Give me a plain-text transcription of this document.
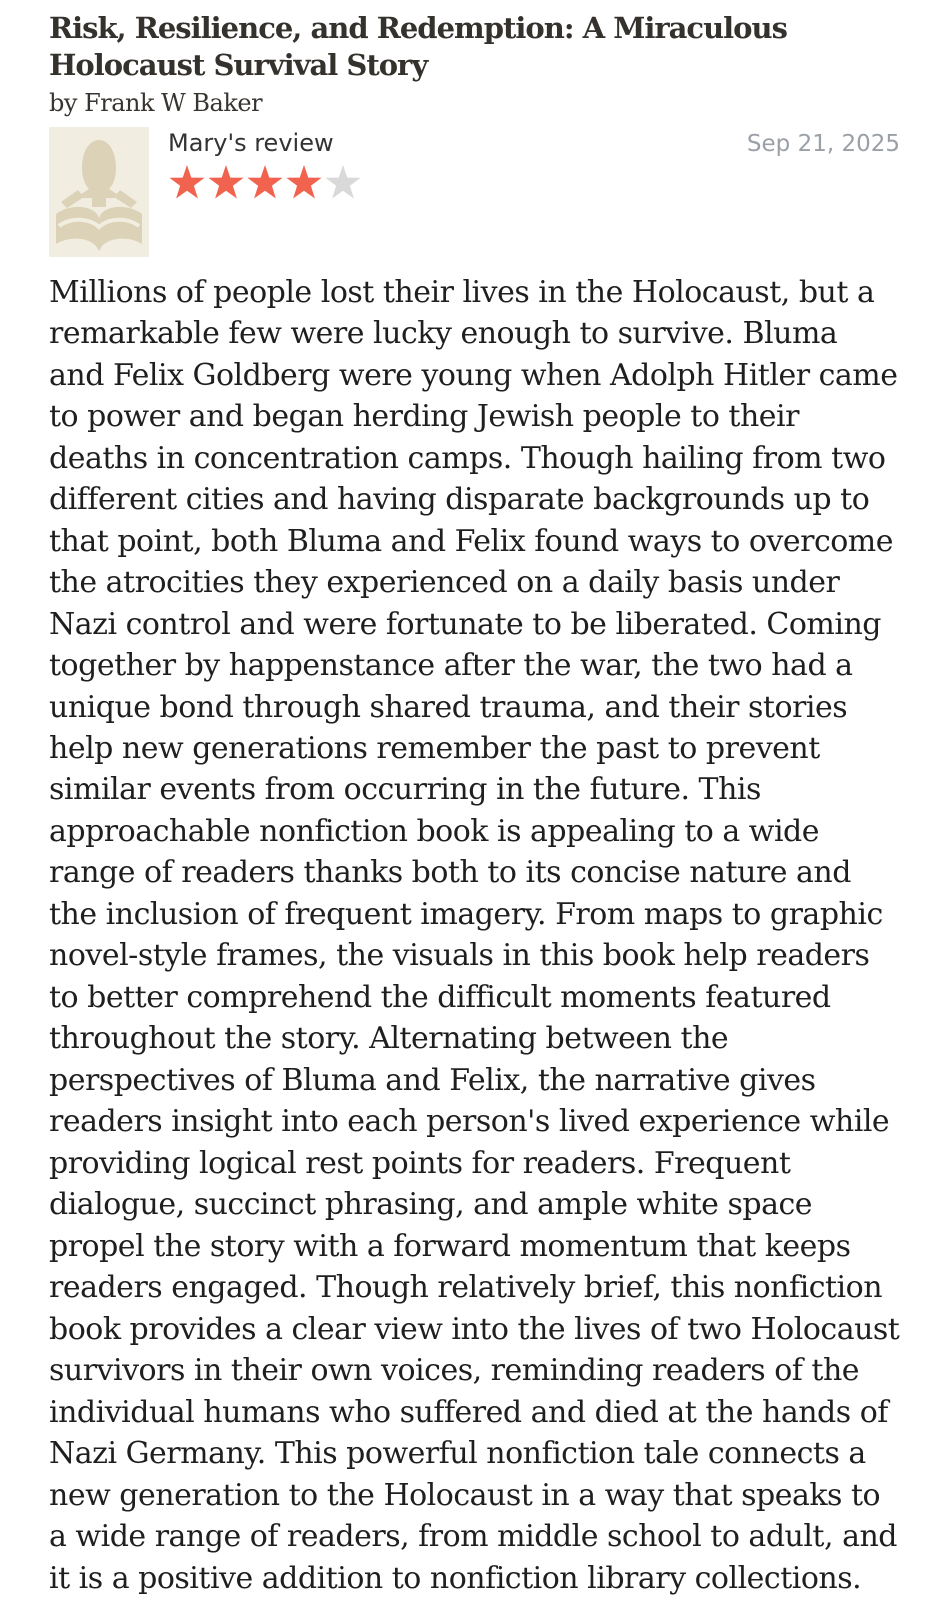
Risk, Resilience, and Redemption: A Miraculous Holocaust Survival Story
by Frank W Baker
Mary's review	Sep 21, 2025
Millions of people lost their lives in the Holocaust, but a remarkable few were lucky enough to survive. Bluma and Felix Goldberg were young when Adolph Hitler came to power and began herding Jewish people to their deaths in concentration camps. Though hailing from two different cities and having disparate backgrounds up to that point, both Bluma and Felix found ways to overcome the atrocities they experienced on a daily basis under Nazi control and were fortunate to be liberated. Coming together by happenstance after the war, the two had a unique bond through shared trauma, and their stories help new generations remember the past to prevent similar events from occurring in the future. This approachable nonfiction book is appealing to a wide range of readers thanks both to its concise nature and the inclusion of frequent imagery. From maps to graphic novel-style frames, the visuals in this book help readers to better comprehend the difficult moments featured throughout the story. Alternating between the perspectives of Bluma and Felix, the narrative gives readers insight into each person's lived experience while providing logical rest points for readers. Frequent dialogue, succinct phrasing, and ample white space propel the story with a forward momentum that keeps readers engaged. Though relatively brief, this nonfiction book provides a clear view into the lives of two Holocaust survivors in their own voices, reminding readers of the individual humans who suffered and died at the hands of Nazi Germany. This powerful nonfiction tale connects a new generation to the Holocaust in a way that speaks to a wide range of readers, from middle school to adult, and it is a positive addition to nonfiction library collections.
